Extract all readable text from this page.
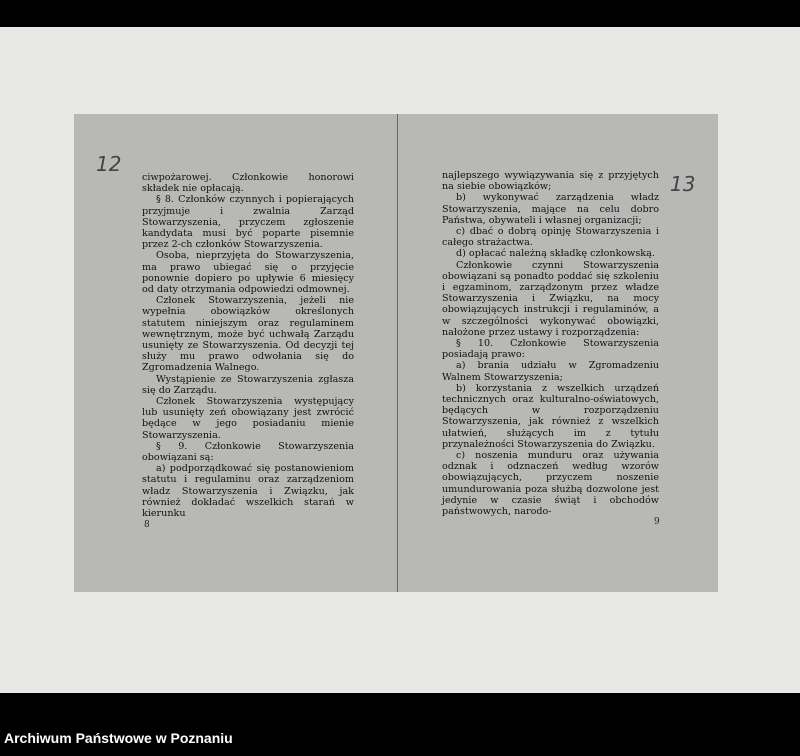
12

ciwpożarowej. Członkowie honorowi składek nie opłacają.

§ 8. Członków czynnych i popierających przyjmuje i zwalnia Zarząd Stowarzyszenia, przyczem zgłoszenie kandydata musi być poparte pisemnie przez 2-ch członków Stowarzyszenia.

Osoba, nieprzyjęta do Stowarzyszenia, ma prawo ubiegać się o przyjęcie ponownie dopiero po upływie 6 miesięcy od daty otrzymania odpowiedzi odmownej.

Członek Stowarzyszenia, jeżeli nie wypełnia obowiązków określonych statutem niniejszym oraz regulaminem wewnętrznym, może być uchwałą Zarządu usunięty ze Stowarzyszenia. Od decyzji tej służy mu prawo odwołania się do Zgromadzenia Walnego.

Wystąpienie ze Stowarzyszenia zgłasza się do Zarządu.

Członek Stowarzyszenia występujący lub usunięty zeń obowiązany jest zwrócić będące w jego posiadaniu mienie Stowarzyszenia.

§ 9. Członkowie Stowarzyszenia obowiązani są:

a) podporządkować się postanowieniom statutu i regulaminu oraz zarządzeniom władz Stowarzyszenia i Związku, jak również dokładać wszelkich starań w kierunku

8
13

najlepszego wywiązywania się z przyjętych na siebie obowiązków;

b) wykonywać zarządzenia władz Stowarzyszenia, mające na celu dobro Państwa, obywateli i własnej organizacji;

c) dbać o dobrą opinję Stowarzyszenia i całego strażactwa.

d) opłacać należną składkę członkowską.

Członkowie czynni Stowarzyszenia obowiązani są ponadto poddać się szkoleniu i egzaminom, zarządzonym przez władze Stowarzyszenia i Związku, na mocy obowiązujących instrukcji i regulaminów, a w szczególności wykonywać obowiązki, nałożone przez ustawy i rozporządzenia:

§ 10. Członkowie Stowarzyszenia posiadają prawo:

a) brania udziału w Zgromadzeniu Walnem Stowarzyszenia;

b) korzystania z wszelkich urządzeń technicznych oraz kulturalno-oświatowych, będących w rozporządzeniu Stowarzyszenia, jak również z wszelkich ułatwień, służących im z tytułu przynależności Stowarzyszenia do Związku.

c) noszenia munduru oraz używania odznak i odznaczeń według wzorów obowiązujących, przyczem noszenie umundurowania poza służbą dozwolone jest jedynie w czasie świąt i obchodów państwowych, narodo-

9
Archiwum Państwowe w Poznaniu
